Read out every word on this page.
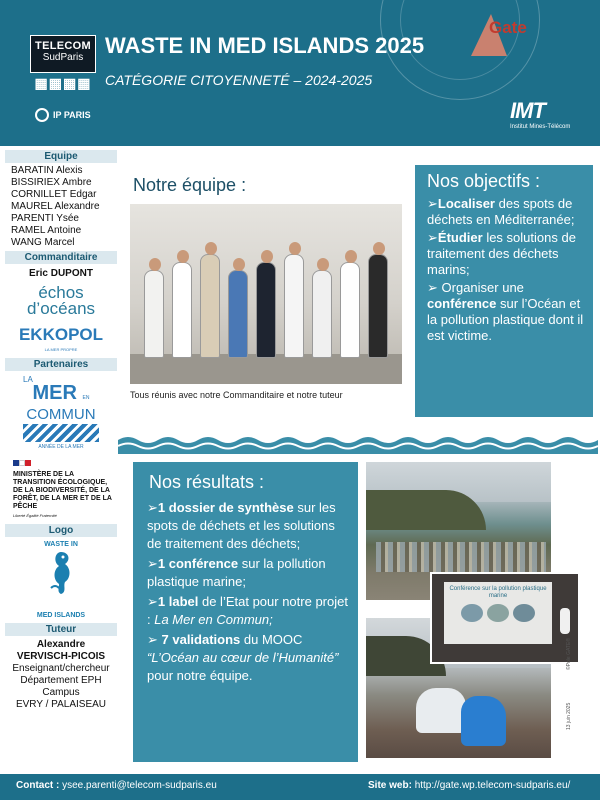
TELECOM
SudParis
▦▦▦▦
IP PARIS
WASTE IN MED ISLANDS 2025
CATÉGORIE CITOYENNETÉ – 2024-2025
Gate
IMT
Institut Mines-Télécom
Equipe
BARATIN Alexis
BISSIRIEX Ambre
CORNILLET Edgar
MAUREL Alexandre
PARENTI Ysée
RAMEL Antoine
WANG Marcel
Commanditaire
Eric DUPONT
échos
d’océans
EKKOPOL
LA MER PROPRE
Partenaires
LA
MER EN
COMMUN
ANNÉE DE LA MER
MINISTÈRE DE LA TRANSITION ÉCOLOGIQUE, DE LA BIODIVERSITÉ, DE LA FORÊT, DE LA MER ET DE LA PÊCHE
Liberté Égalité Fraternité
Logo
WASTE IN
MED ISLANDS
Tuteur
Alexandre
VERVISCH-PICOIS
Enseignant/chercheur
Département EPH
Campus
EVRY / PALAISEAU
Notre équipe :
Tous réunis avec notre Commanditaire et notre tuteur
Nos objectifs :
➢Localiser des spots de déchets en Méditerranée;
➢Étudier les solutions de traitement des déchets marins;
➢ Organiser une conférence sur l’Océan et la pollution plastique dont il est victime.
Nos résultats :
➢1 dossier de synthèse sur les spots de déchets et les solutions de traitement des déchets;
➢1 conférence sur la pollution plastique marine;
➢1 label de l’Etat pour notre projet : La Mer en Commun;
➢ 7 validations du MOOC “L’Océan au cœur de l’Humanité” pour notre équipe.
Conférence sur la pollution plastique marine
©Pole GATE®
13 juin 2025
Contact : ysee.parenti@telecom-sudparis.eu	Site web: http://gate.wp.telecom-sudparis.eu/
